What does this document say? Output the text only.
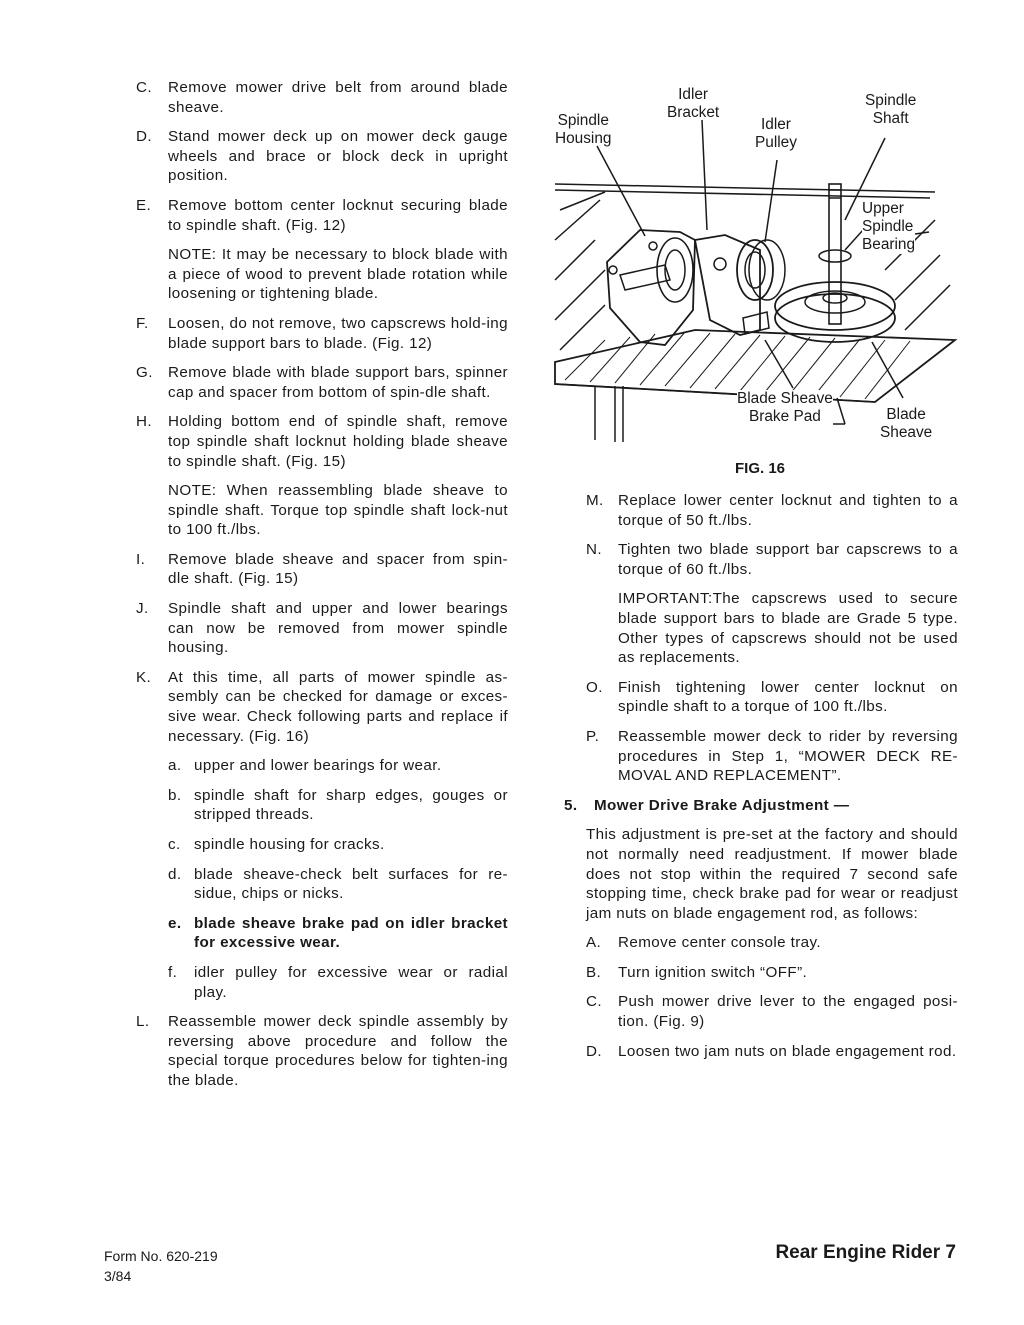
C.	Remove mower drive belt from around blade sheave.
D.	Stand mower deck up on mower deck gauge wheels and brace or block deck in upright position.
E.	Remove bottom center locknut securing blade to spindle shaft. (Fig. 12)
NOTE: It may be necessary to block blade with a piece of wood to prevent blade rotation while loosening or tightening blade.
F.	Loosen, do not remove, two capscrews hold-ing blade support bars to blade. (Fig. 12)
G. Remove blade with blade support bars, spinner cap and spacer from bottom of spin-dle shaft.
H.	Holding bottom end of spindle shaft, remove top spindle shaft locknut holding blade sheave to spindle shaft. (Fig. 15)
NOTE: When reassembling blade sheave to spindle shaft. Torque top spindle shaft lock-nut to 100 ft./lbs.
I.	Remove blade sheave and spacer from spin-dle shaft. (Fig. 15)
J.	Spindle shaft and upper and lower bearings can now be removed from mower spindle housing.
K.	At this time, all parts of mower spindle as-sembly can be checked for damage or exces-sive wear. Check following parts and replace if necessary. (Fig. 16)
a. upper and lower bearings for wear.
b. spindle shaft for sharp edges, gouges or stripped threads.
c. spindle housing for cracks.
d. blade sheave-check belt surfaces for re-sidue, chips or nicks.
e. blade sheave brake pad on idler bracket for excessive wear.
f.	idler pulley for excessive wear or radial play.
L.	Reassemble mower deck spindle assembly by reversing above procedure and follow the special torque procedures below for tighten-ing the blade.
Spindle
Housing
Idler
Bracket
Idler
Pulley
Spindle
Shaft
Upper
Spindle
Bearing
Blade Sheave
Brake Pad	Blade
Sheave
FIG. 16
M. Replace lower center locknut and tighten to a torque of 50 ft./lbs.
N.	Tighten two blade support bar capscrews to a torque of 60 ft./lbs.
IMPORTANT:The capscrews used to secure blade support bars to blade are Grade 5 type. Other types of capscrews should not be used as replacements.
O. Finish tightening lower center locknut on spindle shaft to a torque of 100 ft./lbs.
P.	Reassemble mower deck to rider by reversing procedures in Step 1, “MOWER DECK RE-MOVAL AND REPLACEMENT”.
5.	Mower Drive Brake Adjustment —
This adjustment is pre-set at the factory and should not normally need readjustment. If mower blade does not stop within the required 7 second safe stopping time, check brake pad for wear or readjust jam nuts on blade engagement rod, as follows:
A.	Remove center console tray.
B.	Turn ignition switch “OFF”.
C.	Push mower drive lever to the engaged posi-tion. (Fig. 9)
D.	Loosen two jam nuts on blade engagement rod.
Form No. 620-219
3/84
Rear Engine Rider 7
